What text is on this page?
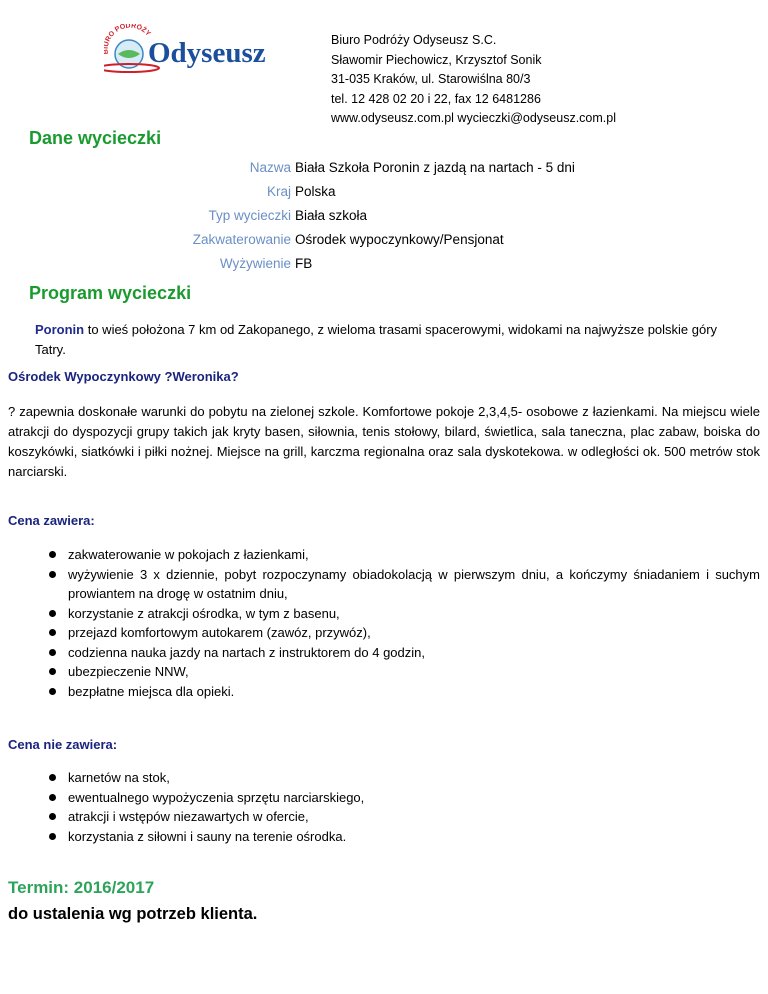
RO PODRÓŻY
Odyseusz	Biuro Podróży Odyseusz S.C.
Sławomir Piechowicz, Krzysztof Sonik
31-035 Kraków, ul. Starowiślna 80/3
tel. 12 428 02 20 i 22, fax 12 6481286
www.odyseusz.com.pl wycieczki@odyseusz.com.pl
Dane wycieczki
Nazwa Biała Szkoła Poronin z jazdą na nartach - 5 dni
Kraj Polska
Typ wycieczki Biała szkoła
Zakwaterowanie Ośrodek wypoczynkowy/Pensjonat
Wyżywienie FB
Program wycieczki
Poronin to wieś położona 7 km od Zakopanego, z wieloma trasami spacerowymi, widokami na najwyższe polskie góry Tatry.
Ośrodek Wypoczynkowy ?Weronika?
? zapewnia doskonałe warunki do pobytu na zielonej szkole. Komfortowe pokoje 2,3,4,5- osobowe z łazienkami. Na miejscu wiele atrakcji do dyspozycji grupy takich jak kryty basen, siłownia, tenis stołowy, bilard, świetlica, sala taneczna, plac zabaw, boiska do koszykówki, siatkówki i piłki nożnej. Miejsce na grill, karczma regionalna oraz sala dyskotekowa. w odległości ok. 500 metrów stok narciarski.
Cena zawiera:
zakwaterowanie w pokojach z łazienkami,
wyżywienie 3 x dziennie, pobyt rozpoczynamy obiadokolacją w pierwszym dniu, a kończymy śniadaniem i suchym prowiantem na drogę w ostatnim dniu,
korzystanie z atrakcji ośrodka, w tym z basenu,
przejazd komfortowym autokarem (zawóz, przywóz),
codzienna nauka jazdy na nartach z instruktorem do 4 godzin,
ubezpieczenie NNW,
bezpłatne miejsca dla opieki.
Cena nie zawiera:
karnetów na stok,
ewentualnego wypożyczenia sprzętu narciarskiego,
atrakcji i wstępów niezawartych w ofercie,
korzystania z siłowni i sauny na terenie ośrodka.
Termin: 2016/2017
do ustalenia wg potrzeb klienta.
